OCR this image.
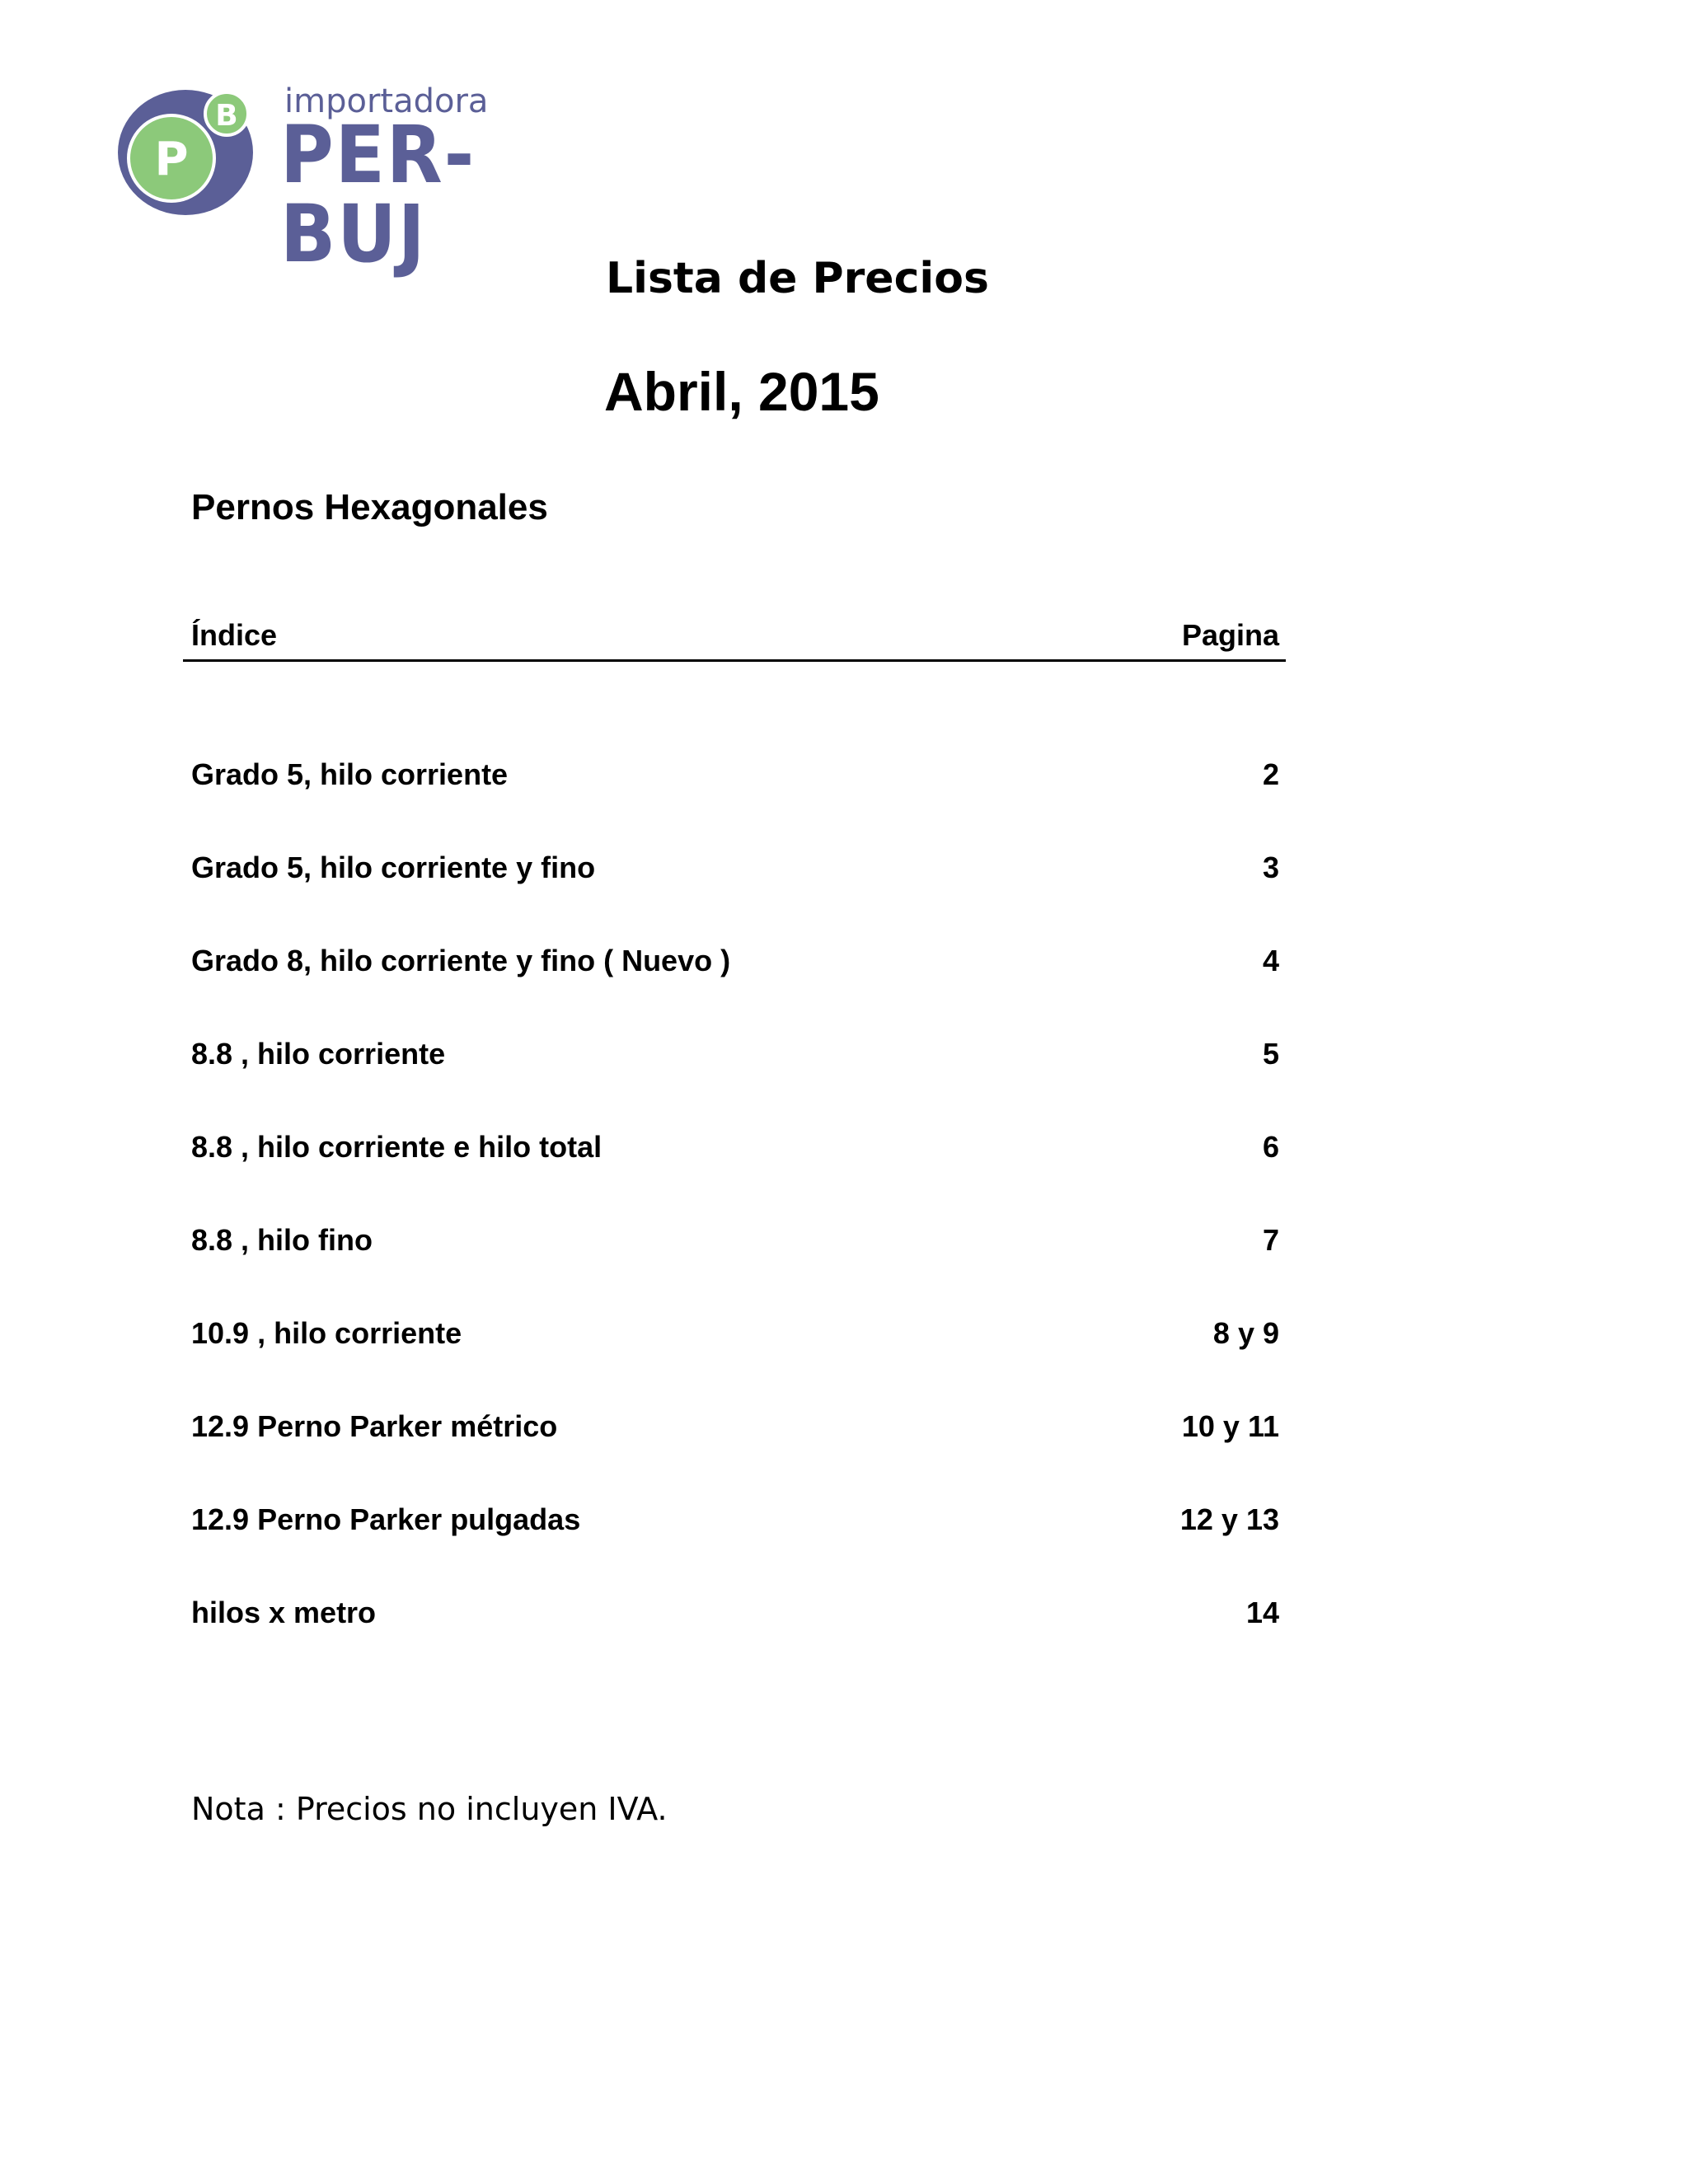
P
B importadora
PER-BUJ	Lista de Precios
Abril, 2015
Pernos Hexagonales
Índice	Pagina
Grado 5, hilo corriente	2
Grado 5, hilo corriente y fino	3
Grado 8, hilo corriente y fino ( Nuevo )	4
8.8 , hilo corriente	5
8.8 , hilo corriente e hilo total	6
8.8 , hilo fino	7
10.9 , hilo corriente	8 y 9
12.9 Perno Parker métrico	10 y 11
12.9 Perno Parker pulgadas	12 y 13
hilos x metro	14

Nota : Precios no incluyen IVA.
